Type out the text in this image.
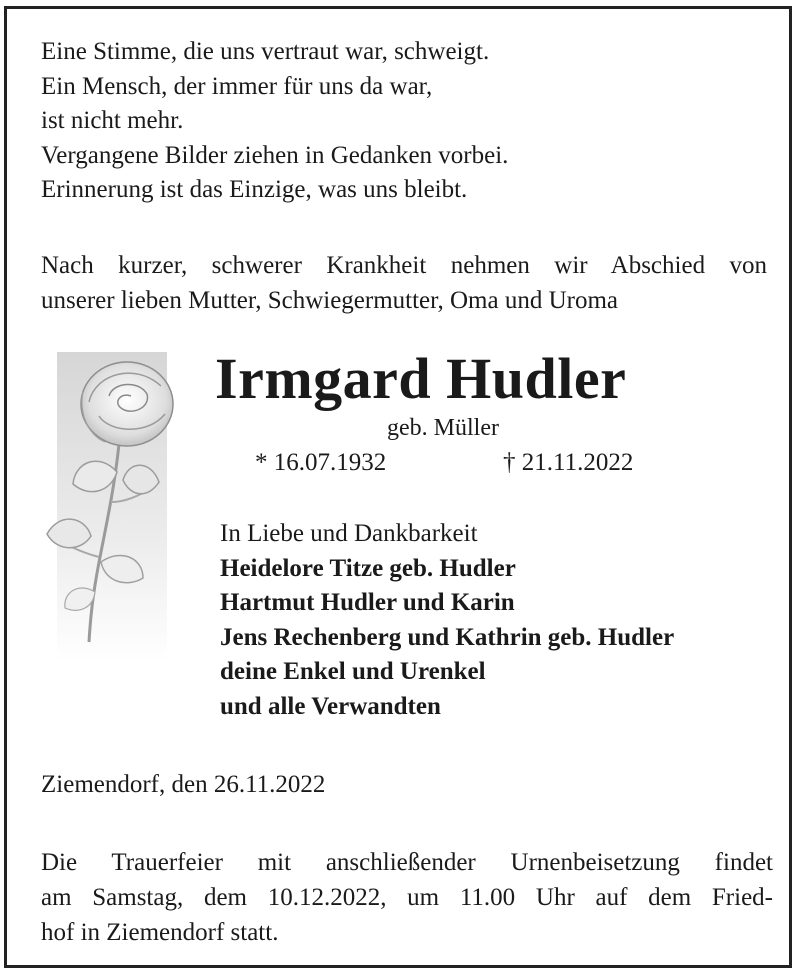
Eine Stimme, die uns vertraut war, schweigt.
Ein Mensch, der immer für uns da war,
ist nicht mehr.
Vergangene Bilder ziehen in Gedanken vorbei.
Erinnerung ist das Einzige, was uns bleibt.
Nach kurzer, schwerer Krankheit nehmen wir Abschied von
unserer lieben Mutter, Schwiegermutter, Oma und Uroma
Irmgard Hudler
geb. Müller
* 16.07.1932	† 21.11.2022
In Liebe und Dankbarkeit
Heidelore Titze geb. Hudler
Hartmut Hudler und Karin
Jens Rechenberg und Kathrin geb. Hudler
deine Enkel und Urenkel
und alle Verwandten
Ziemendorf, den 26.11.2022
Die Trauerfeier mit anschließender Urnenbeisetzung findet
am Samstag, dem 10.12.2022, um 11.00 Uhr auf dem Fried-
hof in Ziemendorf statt.
